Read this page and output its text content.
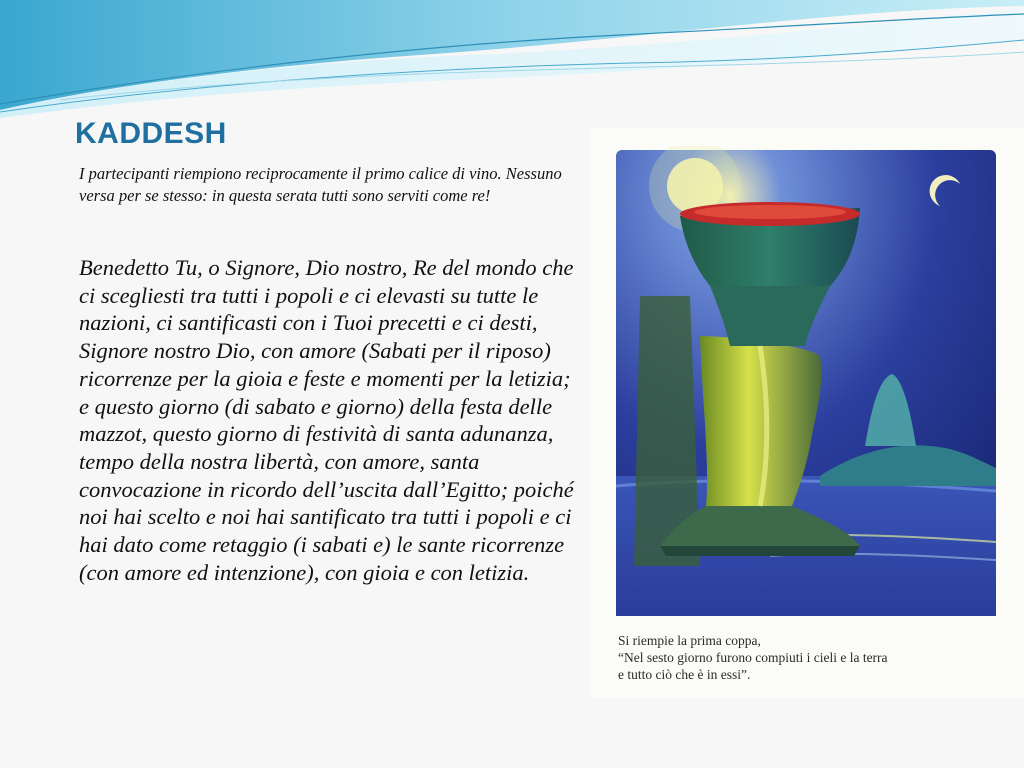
KADDESH
I partecipanti riempiono reciprocamente il primo calice di vino. Nessuno versa per se stesso: in questa serata tutti sono serviti come re!
Benedetto Tu, o Signore, Dio nostro, Re del mondo che ci scegliesti tra tutti i popoli e ci elevasti su tutte le nazioni, ci santificasti con i Tuoi precetti e ci desti, Signore nostro Dio, con amore (Sabati per il riposo) ricorrenze per la gioia e feste e momenti per la letizia; e questo giorno (di sabato e giorno) della festa delle mazzot, questo giorno di festività di santa adunanza, tempo della nostra libertà, con amore, santa convocazione in ricordo dell’uscita dall’Egitto; poiché noi hai scelto e noi hai santificato tra tutti i popoli e ci hai dato come retaggio (i sabati e) le sante ricorrenze (con amore ed intenzione), con gioia e con letizia.
Si riempie la prima coppa,
“Nel sesto giorno furono compiuti i cieli e la terra
e tutto ciò che è in essi”.
